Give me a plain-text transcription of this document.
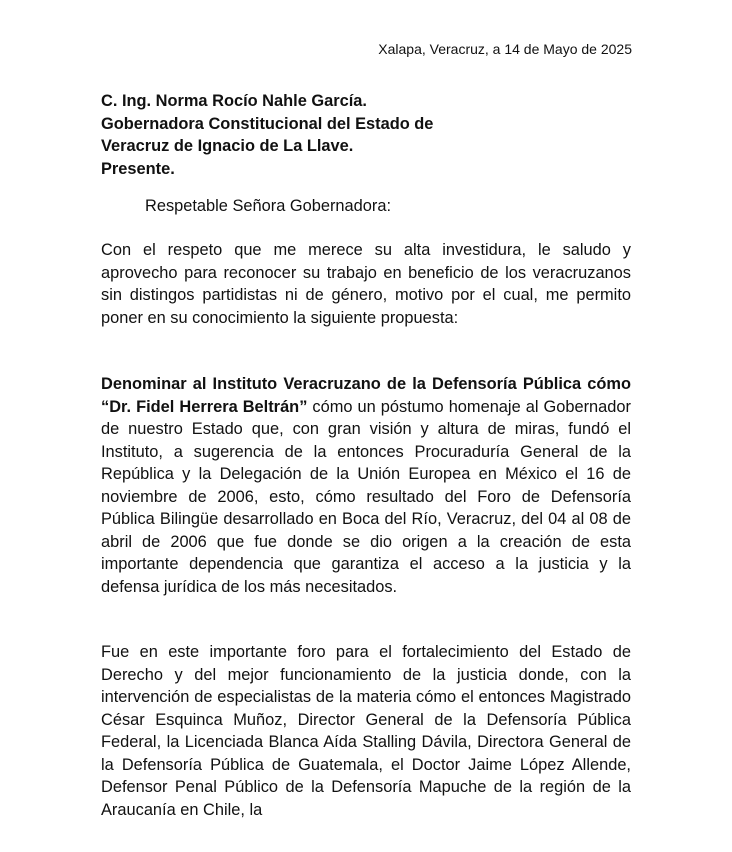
Xalapa, Veracruz, a 14 de Mayo de 2025
C. Ing. Norma Rocío Nahle García.
Gobernadora Constitucional del Estado de
Veracruz de Ignacio de La Llave.
Presente.
Respetable Señora Gobernadora:

Con el respeto que me merece su alta investidura, le saludo y aprovecho para reconocer su trabajo en beneficio de los veracruzanos sin distingos partidistas ni de género, motivo por el cual, me permito poner en su conocimiento la siguiente propuesta:

Denominar al Instituto Veracruzano de la Defensoría Pública cómo “Dr. Fidel Herrera Beltrán” cómo un póstumo homenaje al Gobernador de nuestro Estado que, con gran visión y altura de miras, fundó el Instituto, a sugerencia de la entonces Procuraduría General de la República y la Delegación de la Unión Europea en México el 16 de noviembre de 2006, esto, cómo resultado del Foro de Defensoría Pública Bilingüe desarrollado en Boca del Río, Veracruz, del 04 al 08 de abril de 2006 que fue donde se dio origen a la creación de esta importante dependencia que garantiza el acceso a la justicia y la defensa jurídica de los más necesitados.

Fue en este importante foro para el fortalecimiento del Estado de Derecho y del mejor funcionamiento de la justicia donde, con la intervención de especialistas de la materia cómo el entonces Magistrado César Esquinca Muñoz, Director General de la Defensoría Pública Federal, la Licenciada Blanca Aída Stalling Dávila, Directora General de la Defensoría Pública de Guatemala, el Doctor Jaime López Allende, Defensor Penal Público de la Defensoría Mapuche de la región de la Araucanía en Chile, la
